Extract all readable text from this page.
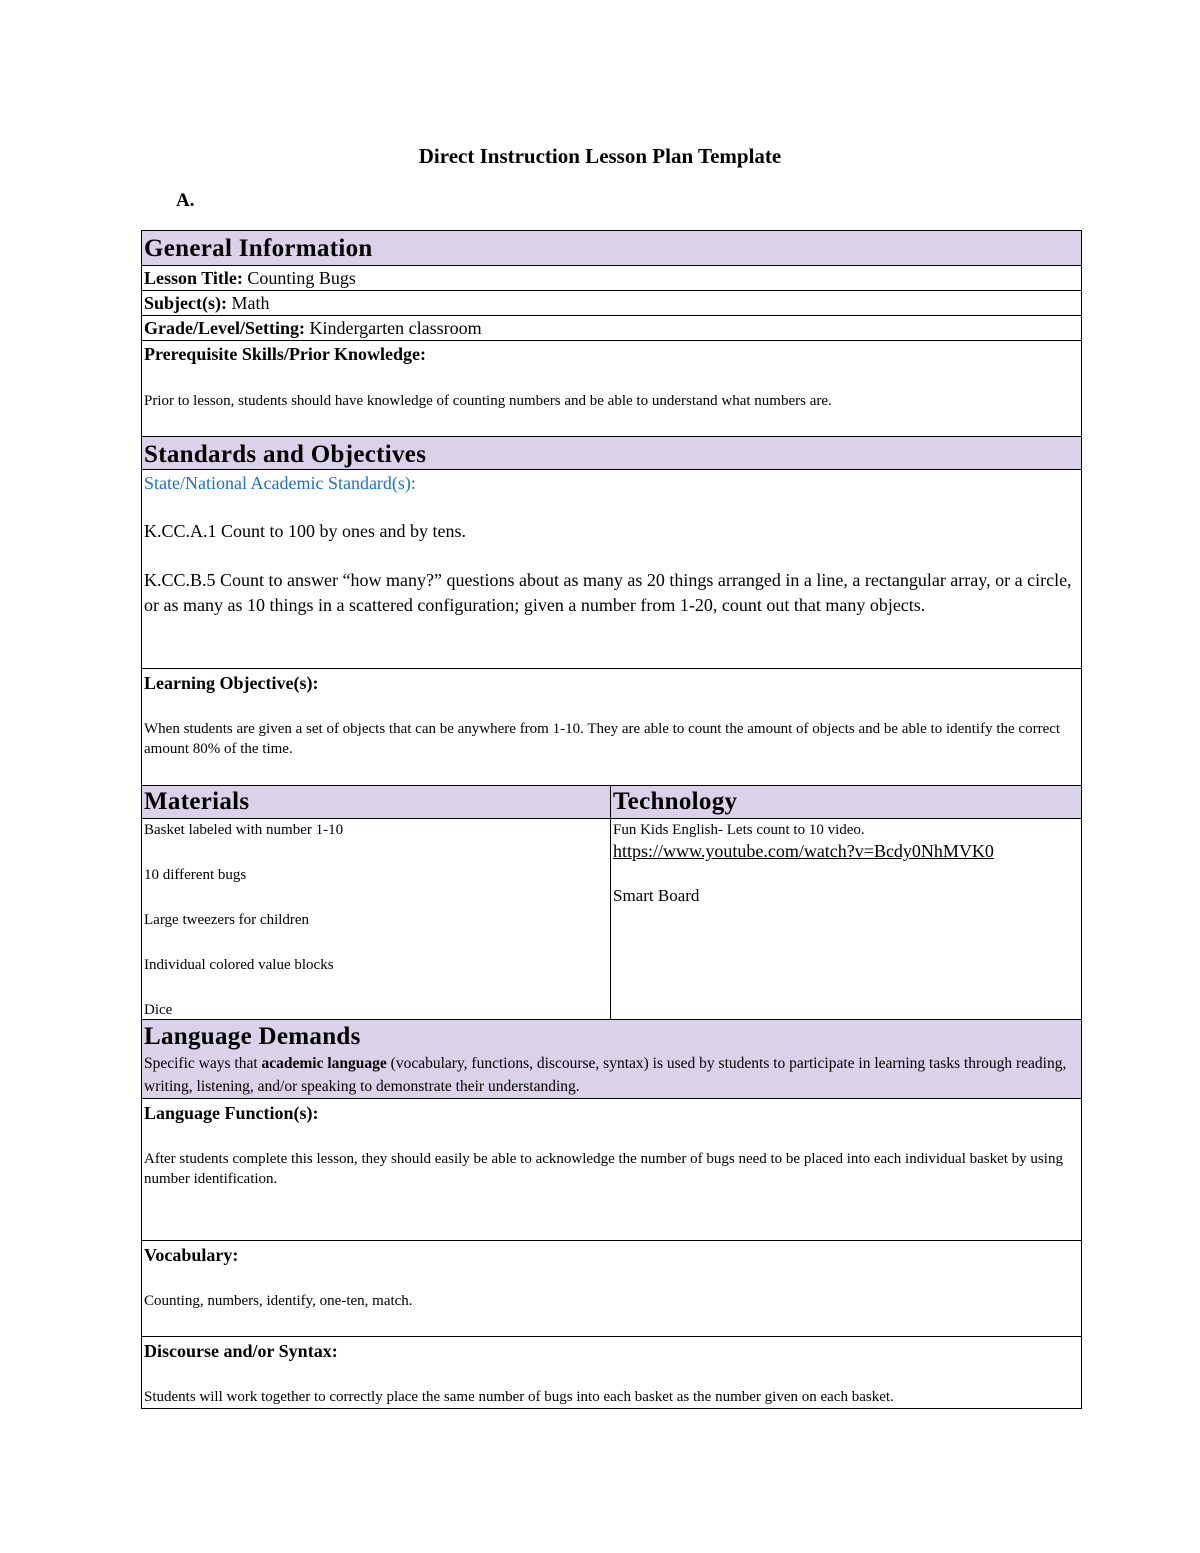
Direct Instruction Lesson Plan Template
A.
General Information
Lesson Title: Counting Bugs
Subject(s): Math
Grade/Level/Setting: Kindergarten classroom

Prerequisite Skills/Prior Knowledge:

Prior to lesson, students should have knowledge of counting numbers and be able to understand what numbers are.

Standards and Objectives

State/National Academic Standard(s):

K.CC.A.1 Count to 100 by ones and by tens.

K.CC.B.5 Count to answer “how many?” questions about as many as 20 things arranged in a line, a rectangular array, or a circle, or as many as 10 things in a scattered configuration; given a number from 1-20, count out that many objects.

Learning Objective(s):

When students are given a set of objects that can be anywhere from 1-10. They are able to count the amount of objects and be able to identify the correct amount 80% of the time.

Materials	Technology

Basket labeled with number 1-10

10 different bugs

Large tweezers for children

Individual colored value blocks

Dice

Fun Kids English- Lets count to 10 video.

https://www.youtube.com/watch?v=Bcdy0NhMVK0

Smart Board

Language Demands

Specific ways that academic language (vocabulary, functions, discourse, syntax) is used by students to participate in learning tasks through reading, writing, listening, and/or speaking to demonstrate their understanding.

Language Function(s):

After students complete this lesson, they should easily be able to acknowledge the number of bugs need to be placed into each individual basket by using number identification.

Vocabulary:

Counting, numbers, identify, one-ten, match.

Discourse and/or Syntax:

Students will work together to correctly place the same number of bugs into each basket as the number given on each basket.
